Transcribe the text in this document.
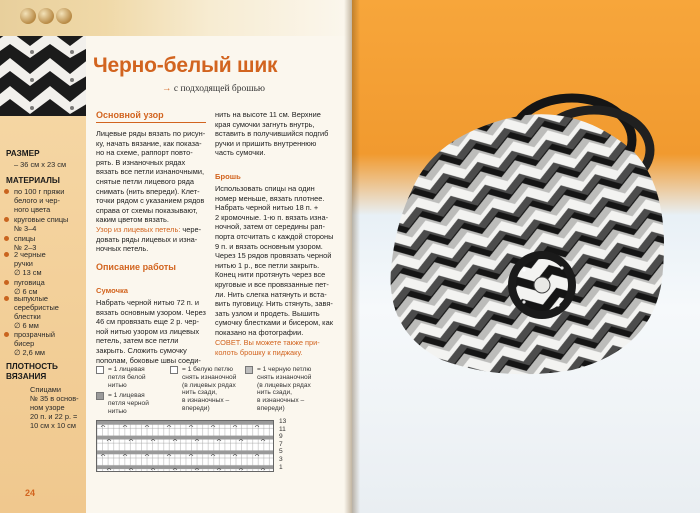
РАЗМЕР
– 36 см х 23 см
МАТЕРИАЛЫ
по 100 г пряжи
белого и чер-
ного цвета
круговые спицы
№ 3–4
спицы
№ 2–3
2 черные
ручки
∅ 13 см
пуговица
∅ 6 см
выпуклые
серебристые
блестки
∅ 6 мм
прозрачный
бисер
∅ 2,6 мм
ПЛОТНОСТЬ
ВЯЗАНИЯ
Спицами
№ 35 в основ-
ном узоре
20 п. и 22 р. =
10 см х 10 см
24
Черно-белый шик
→ с подходящей брошью
Основной узор
Лицевые ряды вязать по рисун-
ку, начать вязание, как показа-
но на схеме, раппорт повто-
рять. В изнаночных рядах
вязать все петли изнаночными,
снятые петли лицевого ряда
снимать (нить впереди). Клет-
точки рядом с указанием рядов
справа от схемы показывают,
каким цветом вязать.
Узор из лицевых петель: чере-
довать ряды лицевых и изна-
ночных петель.
Описание работы
Сумочка
Набрать черной нитью 72 п. и
вязать основным узором. Через
46 см провязать еще 2 р. чер-
ной нитью узором из лицевых
петель, затем все петли
закрыть. Сложить сумочку
пополам, боковые швы соеди-
нить на высоте 11 см. Верхние
края сумочки загнуть внутрь,
вставить в получившийся подгиб
ручки и пришить внутреннюю
часть сумочки.
Брошь
Использовать спицы на один
номер меньше, вязать плотнее.
Набрать черной нитью 18 п. +
2 кромочные. 1-ю п. вязать изна-
ночной, затем от середины рап-
порта отсчитать с каждой стороны
9 п. и вязать основным узором.
Через 15 рядов провязать черной
нитью 1 р., все петли закрыть.
Конец нити протянуть через все
круговые и все провязанные пет-
ли. Нить слегка натянуть и вста-
вить пуговицу. Нить стянуть, завя-
зать узлом и продеть. Вышить
сумочку блестками и бисером, как
показано на фотографии.
СОВЕТ. Вы можете также при-
колоть брошку к пиджаку.
= 1 лицевая
петля белой
нитью
= 1 лицевая
петля черной
нитью
= 1 белую петлю
снять изнаночной
(в лицевых рядах
нить сзади,
в изнаночных –
впереди)
= 1 черную петлю
снять изнаночной
(в лицевых рядах
нить сзади,
в изнаночных –
впереди)
13
11
9
7
5
3
1
